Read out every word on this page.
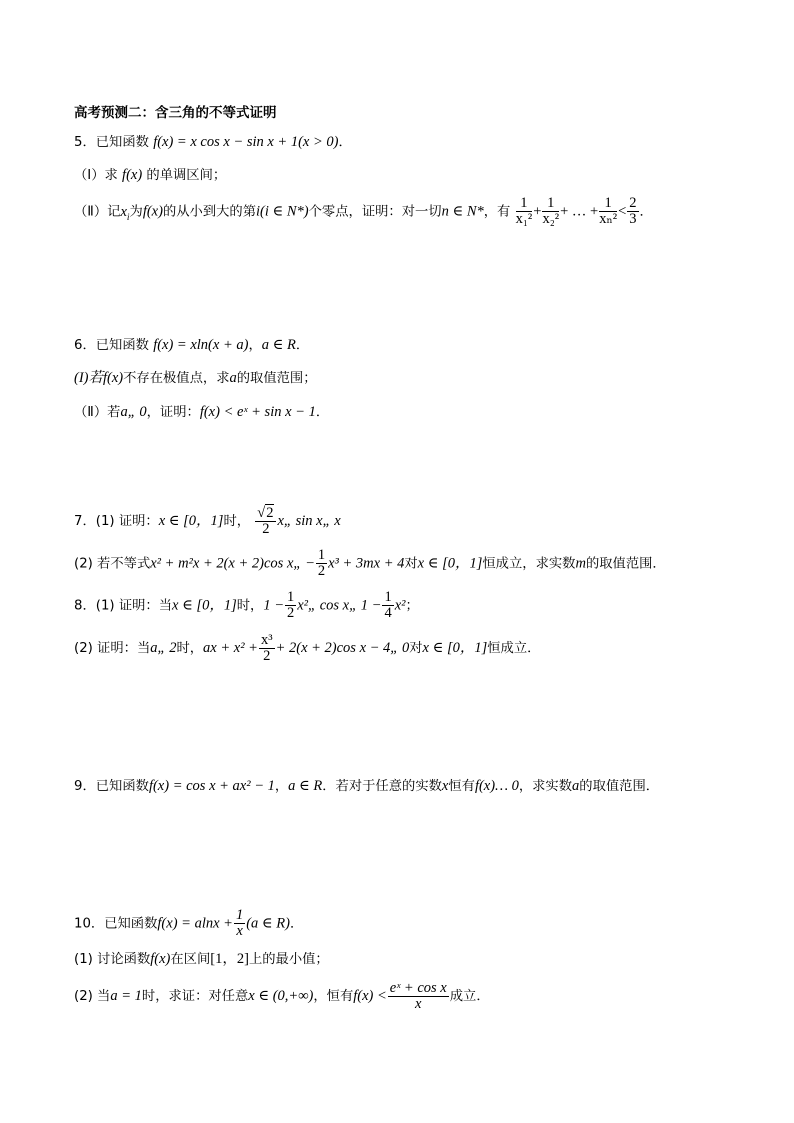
高考预测二：含三角的不等式证明
5．已知函数 f(x) = x cos x − sin x + 1(x > 0)．
（Ⅰ）求 f(x) 的单调区间；
（Ⅱ）记$x_i$为f(x)的从小到大的第i(i ∈ N*)个零点，证明：对一切n ∈ N*，有 $\frac{1}{\text{x₁²}} + \frac{1}{\text{x₂²}}$ + … + $\frac{1}{\text{xₙ²}} < \frac{2}{3}$ ．
6．已知函数 f(x) = xln(x + a)，a ∈ R．
(I)若f(x)不存在极值点，求a的取值范围；
（Ⅱ）若a„ 0，证明：f(x) < eˣ + sin x − 1．
7．(1) 证明：x ∈ [0，1]时， $\frac{√2}{2}$ x„ sin x„ x
(2) 若不等式x² + m²x + 2(x + 2)cos x„ − $\frac{1}{2} x^3 + 3mx + 4$对x ∈ [0，1]恒成立，求实数m的取值范围．
8．(1) 证明：当x ∈ [0，1]时，$1 - \frac{1}{2}$ x²„ cos x„ $1 - \frac{1}{4} x^2$；
(2) 证明：当a„ 2时，ax + $x^2 + \frac{\text{x³}}{2} + 2(x + 2)\cos$ x − 4„ 0对x ∈ [0，1]恒成立．
9．已知函数f(x) = cos x + ax² − 1，a ∈ R．若对于任意的实数x恒有f(x)… 0，求实数a的取值范围．
10．已知函数$f(x) = alnx + \frac{1}{x} (a$ ∈ R)．
(1) 讨论函数f(x)在区间[1，2]上的最小值；
(2) 当a = 1时，求证：对任意x ∈ (0,+∞)，恒有$f(x) < \frac{\text{eˣ + cos x}}{x}$ 成立．
